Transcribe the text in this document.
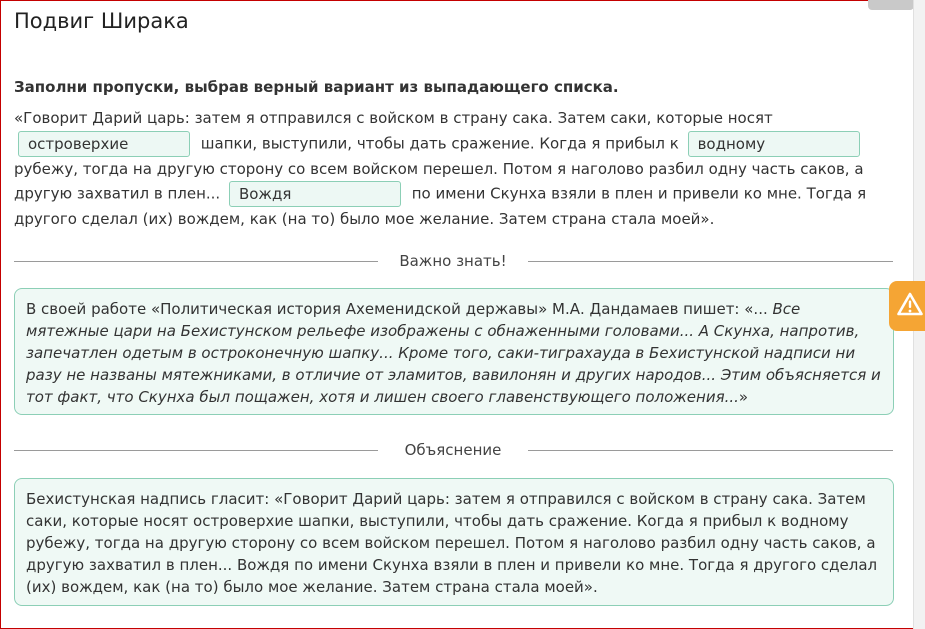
Подвиг Ширака
Заполни пропуски, выбрав верный вариант из выпадающего списка.
«Говорит Дарий царь: затем я отправился с войском в страну сака. Затем саки, которые носят
островерхие	шапки, выступили, чтобы дать сражение. Когда я прибыл к водному рубежу, тогда на другую сторону со всем войском перешел. Потом я наголово разбил одну часть саков, а другую захватил в плен... Вождя	по имени Скунха взяли в плен и привели ко мне. Тогда я другого сделал (их) вождем, как (на то) было мое желание. Затем страна стала моей».
Важно знать!
В своей работе «Политическая история Ахеменидской державы» М.А. Дандамаев пишет: «... Все мятежные цари на Бехистунском рельефе изображены с обнаженными головами... А Скунха, напротив, запечатлен одетым в остроконечную шапку... Кроме того, саки-тиграхауда в Бехистунской надписи ни разу не названы мятежниками, в отличие от эламитов, вавилонян и других народов... Этим объясняется и тот факт, что Скунха был пощажен, хотя и лишен своего главенствующего положения...»
Объяснение
Бехистунская надпись гласит: «Говорит Дарий царь: затем я отправился с войском в страну сака. Затем саки, которые носят островерхие шапки, выступили, чтобы дать сражение. Когда я прибыл к водному рубежу, тогда на другую сторону со всем войском перешел. Потом я наголово разбил одну часть саков, а другую захватил в плен... Вождя по имени Скунха взяли в плен и привели ко мне. Тогда я другого сделал (их) вождем, как (на то) было мое желание. Затем страна стала моей».
